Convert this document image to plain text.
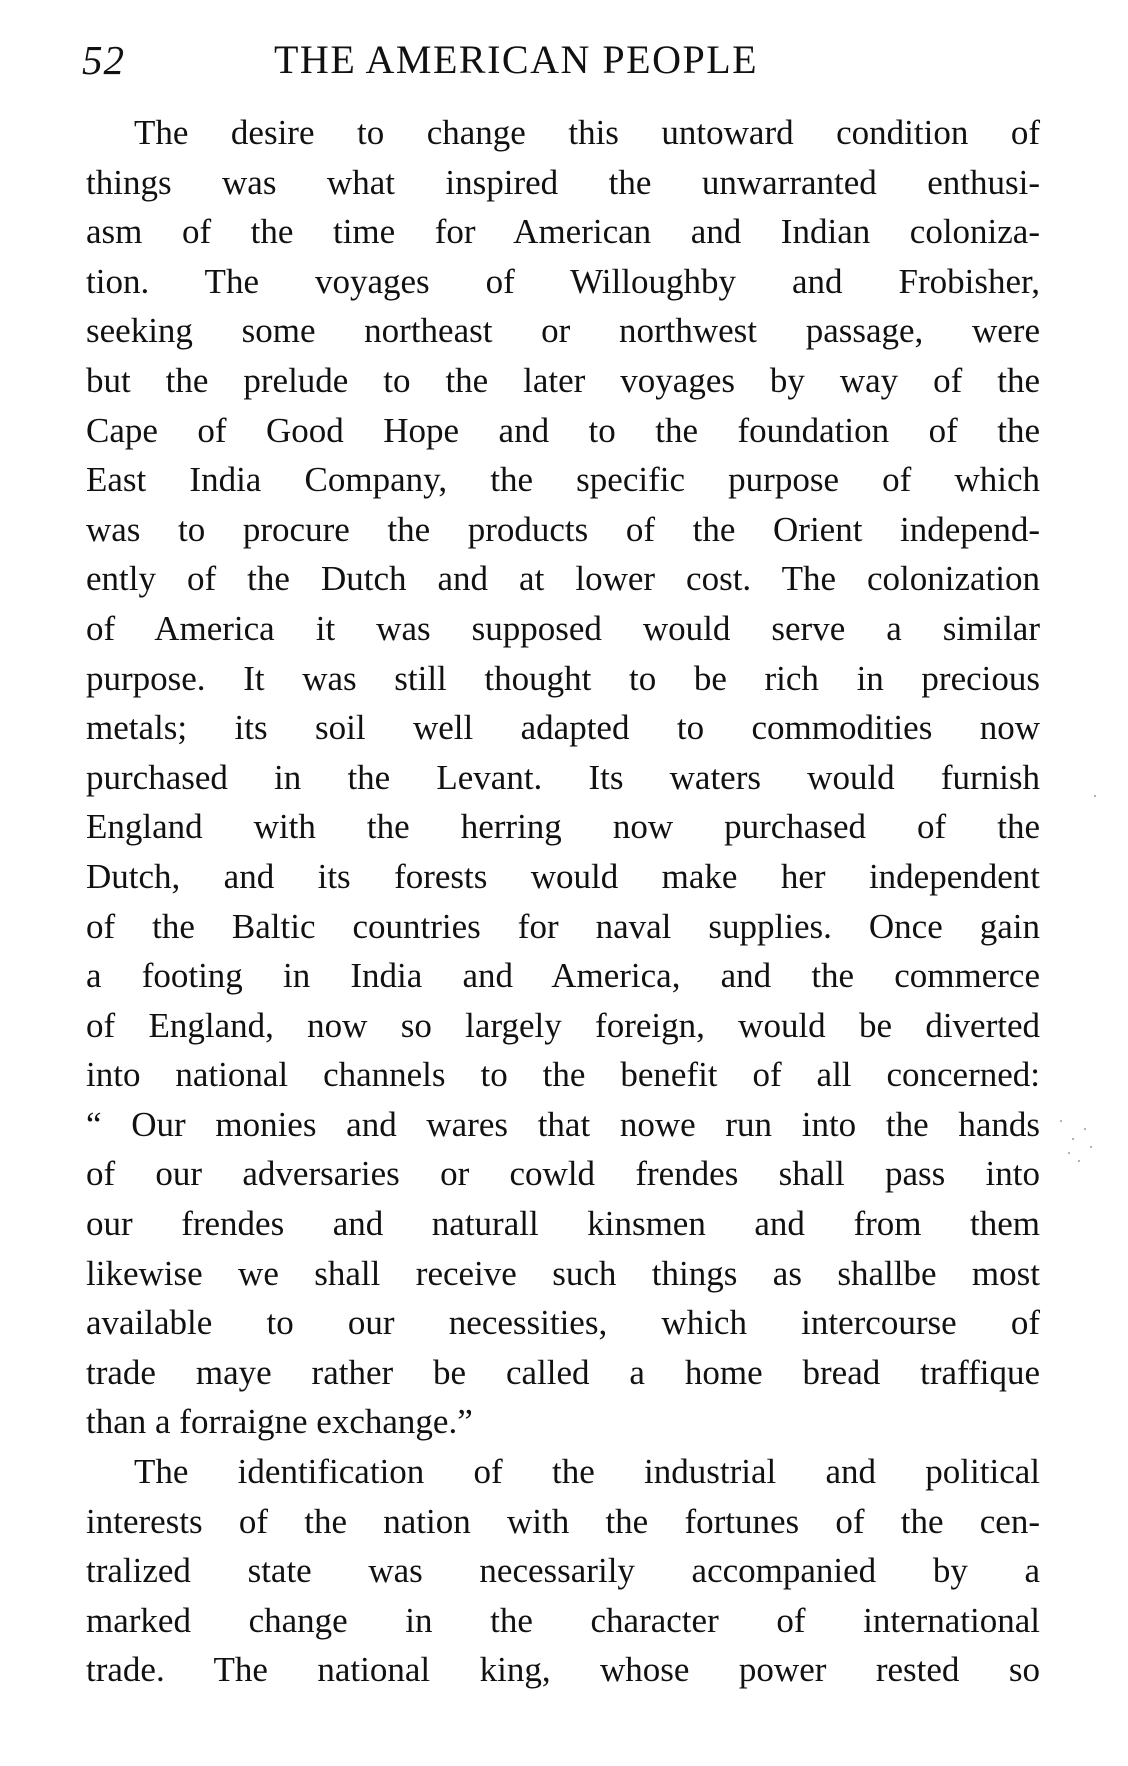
52	THE AMERICAN PEOPLE
The desire to change this untoward condition of
things was what inspired the unwarranted enthusi-
asm of the time for American and Indian coloniza-
tion. The voyages of Willoughby and Frobisher,
seeking some northeast or northwest passage, were
but the prelude to the later voyages by way of the
Cape of Good Hope and to the foundation of the
East India Company, the specific purpose of which
was to procure the products of the Orient independ-
ently of the Dutch and at lower cost. The colonization
of America it was supposed would serve a similar
purpose. It was still thought to be rich in precious
metals; its soil well adapted to commodities now
purchased in the Levant. Its waters would furnish
England with the herring now purchased of the
Dutch, and its forests would make her independent
of the Baltic countries for naval supplies. Once gain
a footing in India and America, and the commerce
of England, now so largely foreign, would be diverted
into national channels to the benefit of all concerned:
“ Our monies and wares that nowe run into the hands
of our adversaries or cowld frendes shall pass into
our frendes and naturall kinsmen and from them
likewise we shall receive such things as shallbe most
available to our necessities, which intercourse of
trade maye rather be called a home bread traffique
than a forraigne exchange.”
The identification of the industrial and political
interests of the nation with the fortunes of the cen-
tralized state was necessarily accompanied by a
marked change in the character of international
trade. The national king, whose power rested so
